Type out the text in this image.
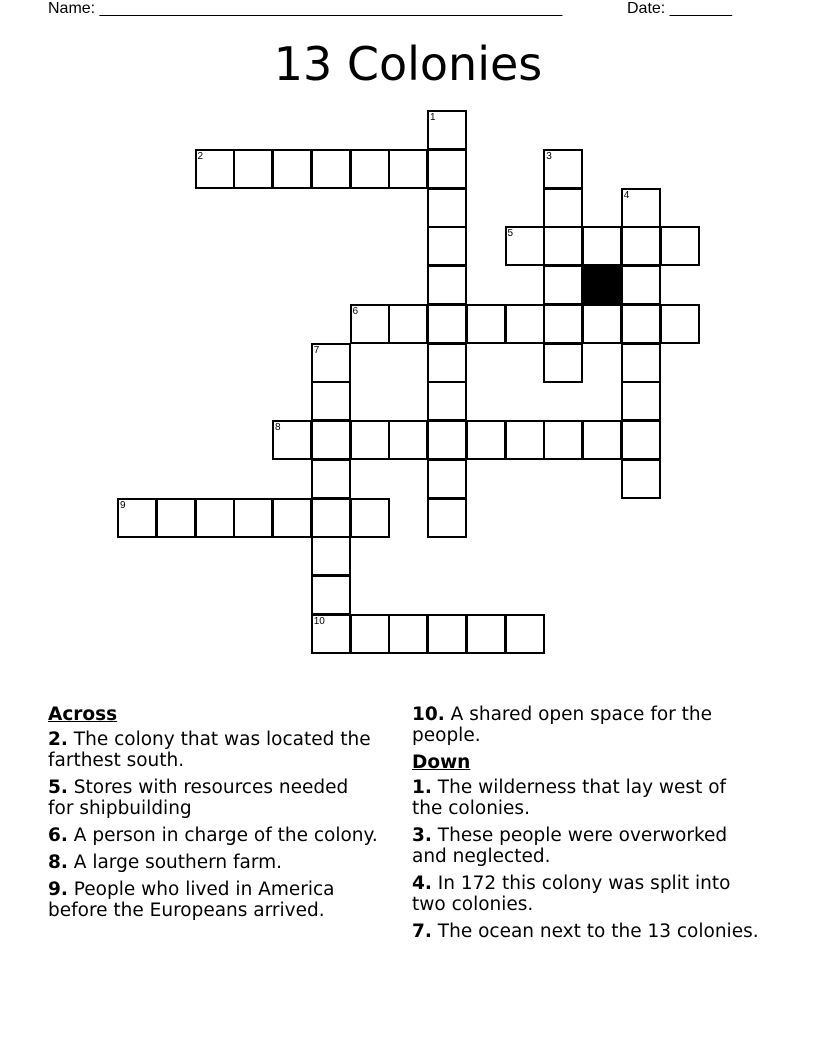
Name: ____________________________________________________	Date: _______
13 Colonies
1
2	3
4
5
6
7
10
8
9
Across
2. The colony that was located the farthest south.
5. Stores with resources needed for shipbuilding
6. A person in charge of the colony.
8. A large southern farm.
9. People who lived in America before the Europeans arrived.
10. A shared open space for the people.
Down
1. The wilderness that lay west of the colonies.
3. These people were overworked and neglected.
4. In 172 this colony was split into two colonies.
7. The ocean next to the 13 colonies.
